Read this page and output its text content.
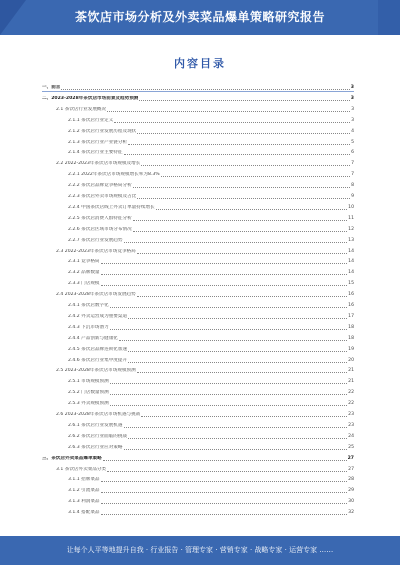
茶饮店市场分析及外卖菜品爆单策略研究报告
内容目录
一、前言	3
二、2023-2028年茶饮店市场前景及趋势预测	3
2.1 茶饮店行业发展概况	3
2.1.1 茶饮店行业定义	3
2.1.2 茶饮店行业发展历程及现状	4
2.1.3 茶饮店行业产业链分析	5
2.1.4 茶饮店行业主要特征	6
2.2 2022-2023年茶饮店市场规模及增长	7
2.2.1 2022年茶饮店市场规模增长率为8.3%	7
2.2.2 茶饮店品牌竞争格局分析	8
2.2.3 茶饮店外卖市场规模及占比	9
2.2.4 中国茶饮店线上外卖订单量持续增长	10
2.2.5 茶饮店消费人群特征分析	11
2.2.6 茶饮店区域市场分布情况	12
2.2.7 茶饮店行业发展趋势	13
2.3 2022-2023年茶饮店市场竞争格局	14
2.3.1 竞争格局	14
2.3.2 品牌数量	14
2.3.3 门店规模	15
2.4 2023-2028年茶饮店市场发展趋势	16
2.4.1 茶饮店数字化	16
2.4.2 外卖运营成为重要渠道	17
2.4.3 下沉市场潜力	18
2.4.4 产品创新与健康化	18
2.4.5 茶饮店品牌连锁化加速	19
2.4.6 茶饮店行业集中度提升	20
2.5 2023-2028年茶饮店市场规模预测	21
2.5.1 市场规模预测	21
2.5.2 门店数量预测	22
2.5.3 外卖规模预测	22
2.6 2023-2028年茶饮店市场机遇与挑战	23
2.6.1 茶饮店行业发展机遇	23
2.6.2 茶饮店行业面临的挑战	24
2.6.3 茶饮店行业应对策略	25
三、茶饮店外卖菜品爆单策略	27
3.1 茶饮店外卖菜品分类	27
3.1.1 招牌菜品	28
3.1.2 引流菜品	29
3.1.3 利润菜品	30
3.1.4 搭配菜品	32
让每个人平等地提升自我 · 行业报告 · 管理专家 · 营销专家 · 战略专家 · 运营专家 ……
